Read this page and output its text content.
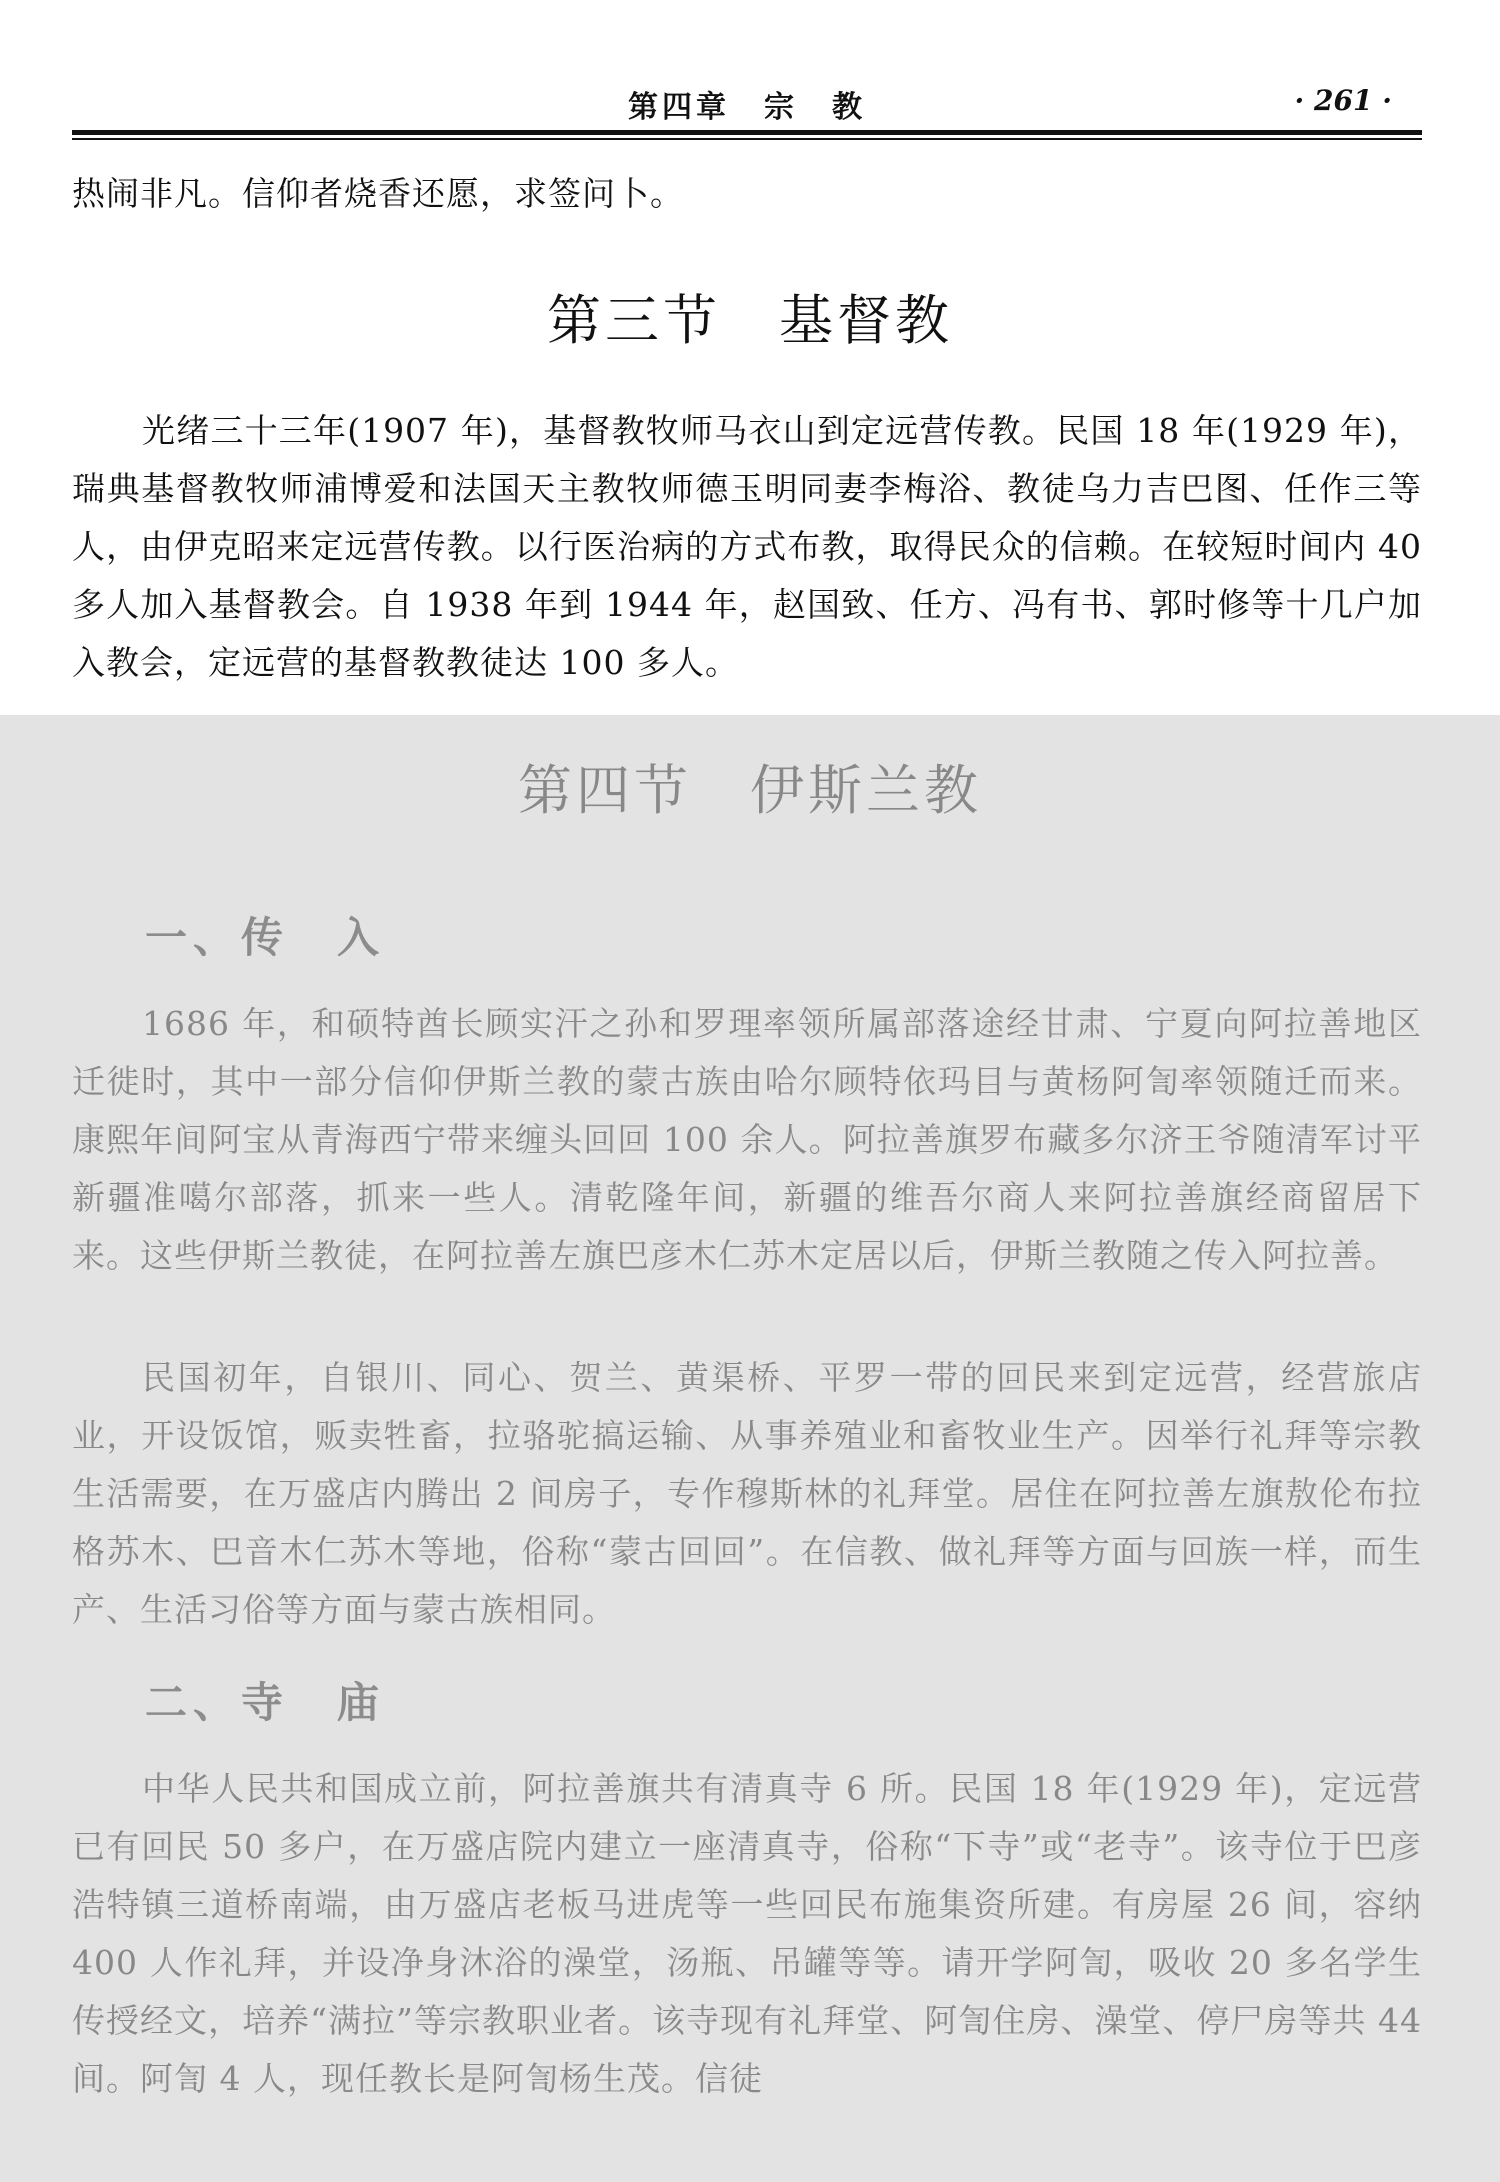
第四章　宗　教	· 261 ·

热闹非凡。信仰者烧香还愿，求签问卜。

第三节　基督教

光绪三十三年(1907 年)，基督教牧师马衣山到定远营传教。民国 18 年(1929 年)，瑞典基督教牧师浦博爱和法国天主教牧师德玉明同妻李梅浴、教徒乌力吉巴图、任作三等人，由伊克昭来定远营传教。以行医治病的方式布教，取得民众的信赖。在较短时间内 40 多人加入基督教会。自 1938 年到 1944 年，赵国致、任方、冯有书、郭时修等十几户加入教会，定远营的基督教教徒达 100 多人。

第四节　伊斯兰教
一、传　入

1686 年，和硕特酋长顾实汗之孙和罗理率领所属部落途经甘肃、宁夏向阿拉善地区迁徙时，其中一部分信仰伊斯兰教的蒙古族由哈尔顾特依玛目与黄杨阿訇率领随迁而来。康熙年间阿宝从青海西宁带来缠头回回 100 余人。阿拉善旗罗布藏多尔济王爷随清军讨平新疆准噶尔部落，抓来一些人。清乾隆年间，新疆的维吾尔商人来阿拉善旗经商留居下来。这些伊斯兰教徒，在阿拉善左旗巴彦木仁苏木定居以后，伊斯兰教随之传入阿拉善。

民国初年，自银川、同心、贺兰、黄渠桥、平罗一带的回民来到定远营，经营旅店业，开设饭馆，贩卖牲畜，拉骆驼搞运输、从事养殖业和畜牧业生产。因举行礼拜等宗教生活需要，在万盛店内腾出 2 间房子，专作穆斯林的礼拜堂。居住在阿拉善左旗敖伦布拉格苏木、巴音木仁苏木等地，俗称“蒙古回回”。在信教、做礼拜等方面与回族一样，而生产、生活习俗等方面与蒙古族相同。

二、寺　庙

中华人民共和国成立前，阿拉善旗共有清真寺 6 所。民国 18 年(1929 年)，定远营已有回民 50 多户，在万盛店院内建立一座清真寺，俗称“下寺”或“老寺”。该寺位于巴彦浩特镇三道桥南端，由万盛店老板马进虎等一些回民布施集资所建。有房屋 26 间，容纳 400 人作礼拜，并设净身沐浴的澡堂，汤瓶、吊罐等等。请开学阿訇，吸收 20 多名学生传授经文，培养“满拉”等宗教职业者。该寺现有礼拜堂、阿訇住房、澡堂、停尸房等共 44 间。阿訇 4 人，现任教长是阿訇杨生茂。信徒
